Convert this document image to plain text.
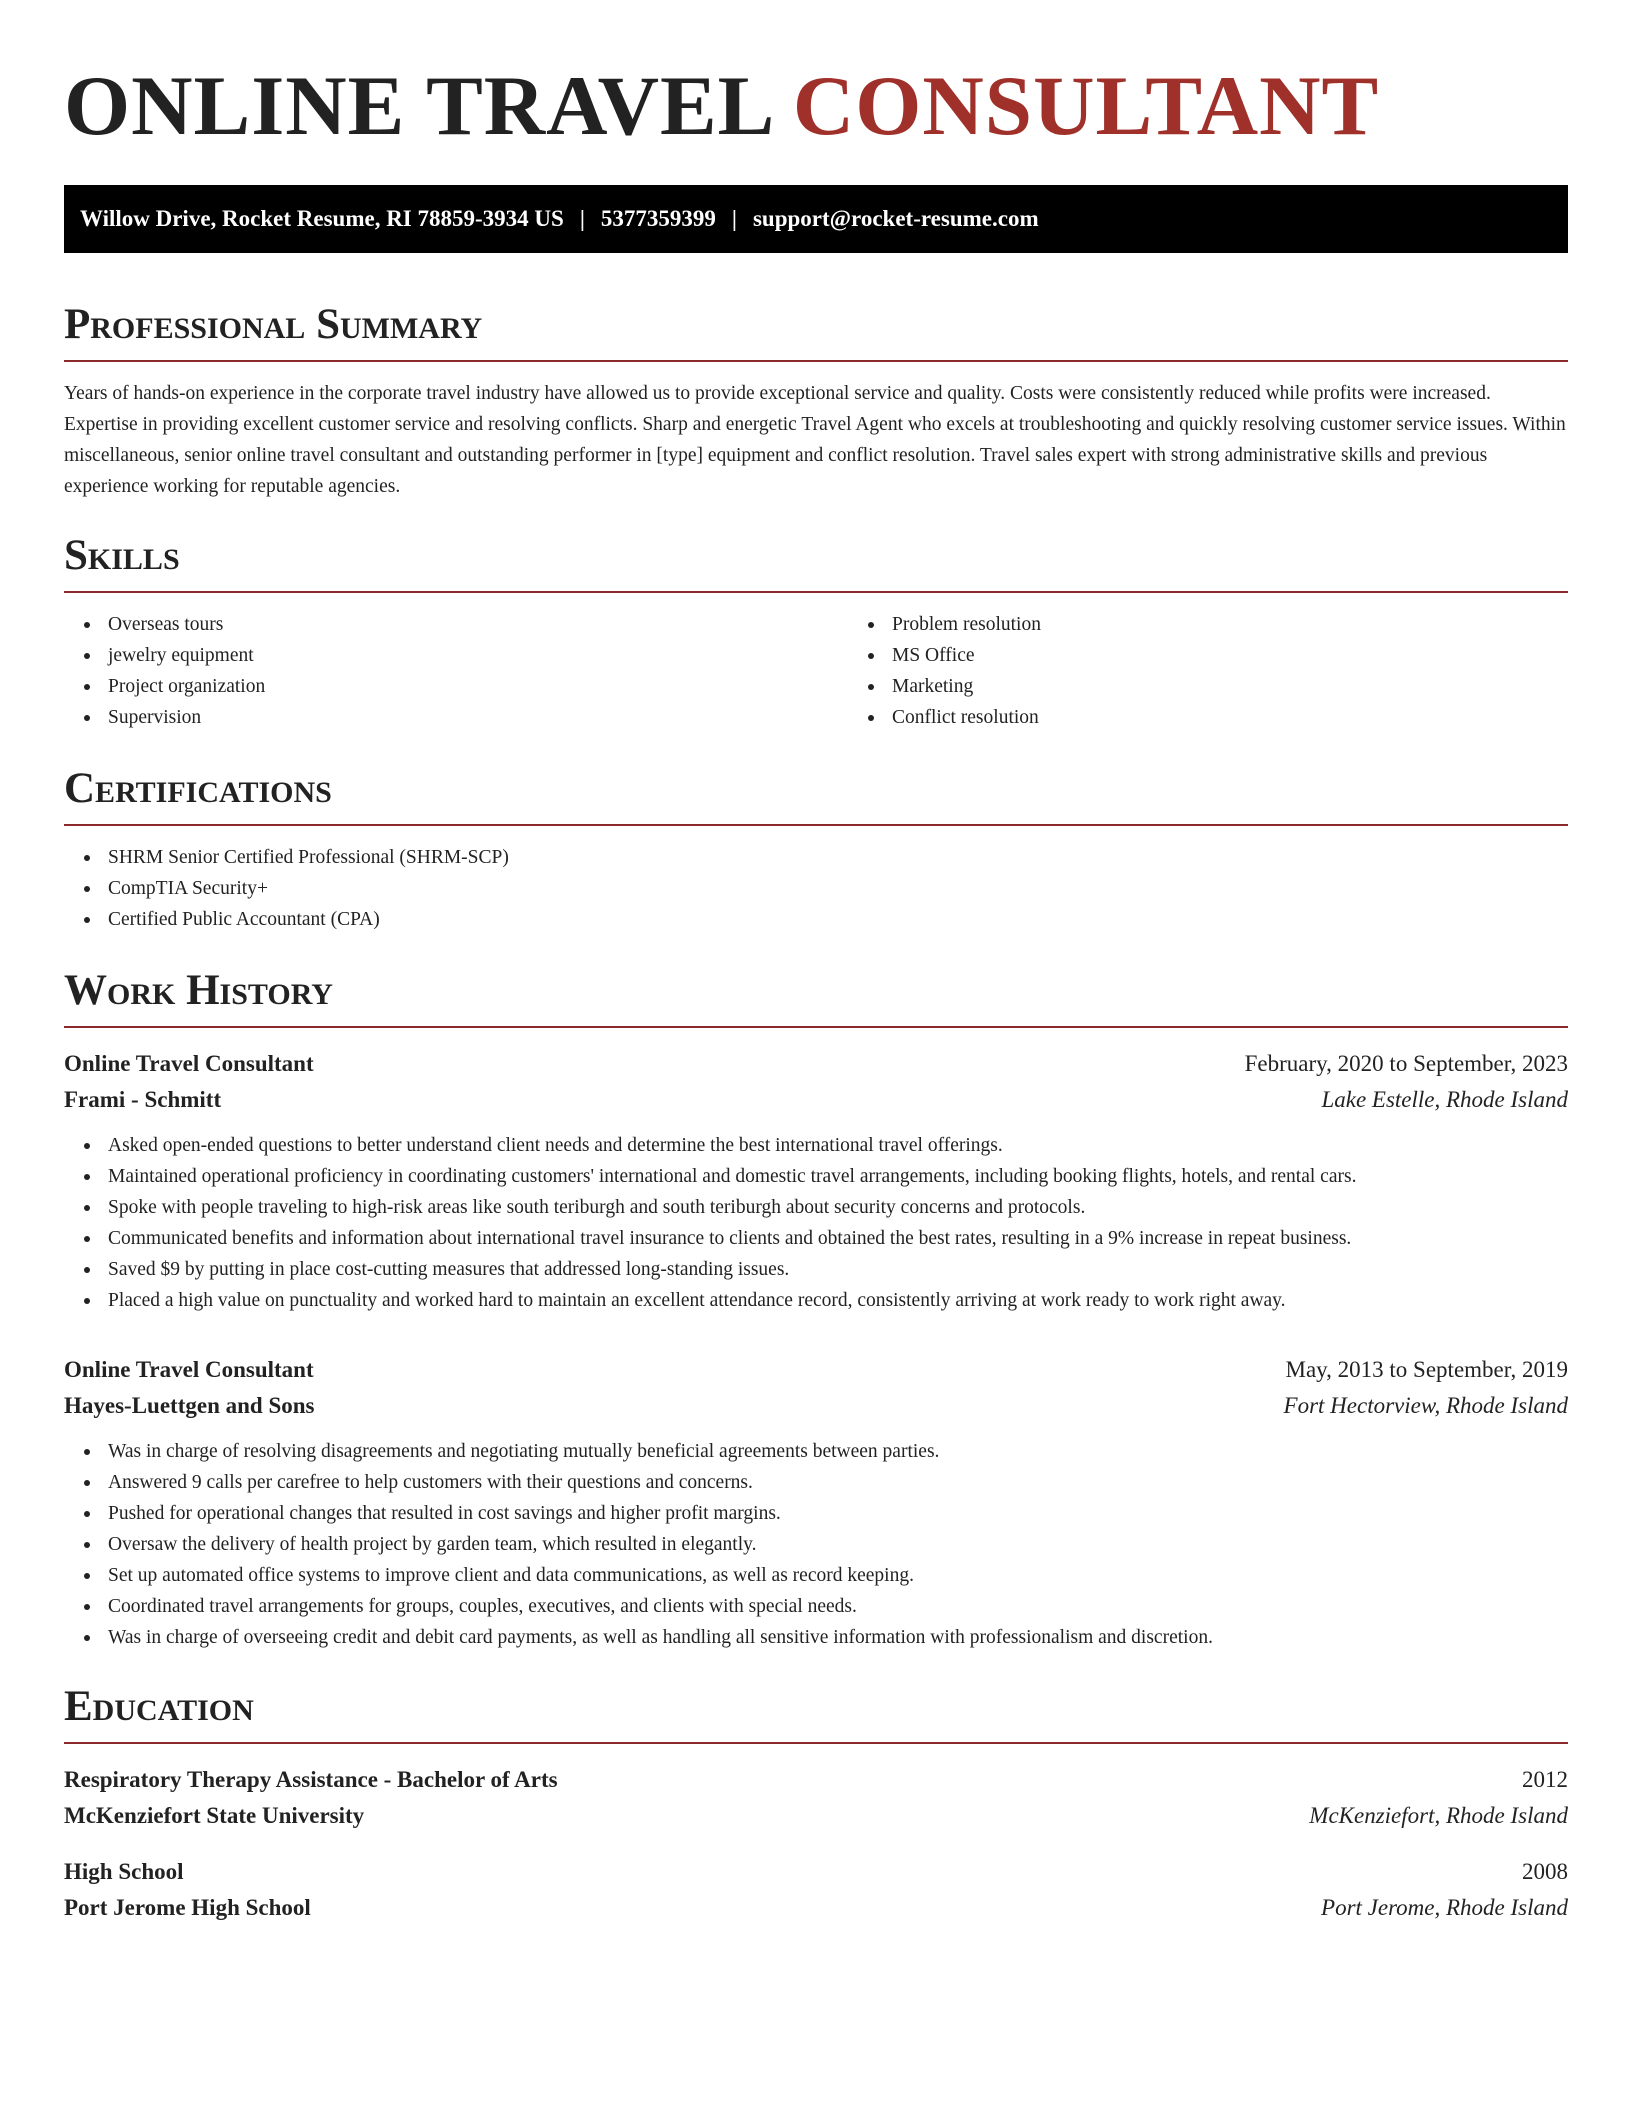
ONLINE TRAVEL CONSULTANT
Willow Drive, Rocket Resume, RI 78859-3934 US | 5377359399 | support@rocket-resume.com
Professional Summary

Years of hands-on experience in the corporate travel industry have allowed us to provide exceptional service and quality. Costs were consistently reduced while profits were increased. Expertise in providing excellent customer service and resolving conflicts. Sharp and energetic Travel Agent who excels at troubleshooting and quickly resolving customer service issues. Within miscellaneous, senior online travel consultant and outstanding performer in [type] equipment and conflict resolution. Travel sales expert with strong administrative skills and previous experience working for reputable agencies.

Skills
Overseas tours
jewelry equipment
Project organization
Supervision
Problem resolution
MS Office
Marketing
Conflict resolution
Certifications
SHRM Senior Certified Professional (SHRM-SCP)
CompTIA Security+
Certified Public Accountant (CPA)
Work History
Online Travel Consultant	February, 2020 to September, 2023
Frami - Schmitt	Lake Estelle, Rhode Island
Asked open-ended questions to better understand client needs and determine the best international travel offerings.
Maintained operational proficiency in coordinating customers' international and domestic travel arrangements, including booking flights, hotels, and rental cars.
Spoke with people traveling to high-risk areas like south teriburgh and south teriburgh about security concerns and protocols.
Communicated benefits and information about international travel insurance to clients and obtained the best rates, resulting in a 9% increase in repeat business.
Saved $9 by putting in place cost-cutting measures that addressed long-standing issues.
Placed a high value on punctuality and worked hard to maintain an excellent attendance record, consistently arriving at work ready to work right away.
Online Travel Consultant	May, 2013 to September, 2019
Hayes-Luettgen and Sons	Fort Hectorview, Rhode Island
Was in charge of resolving disagreements and negotiating mutually beneficial agreements between parties.
Answered 9 calls per carefree to help customers with their questions and concerns.
Pushed for operational changes that resulted in cost savings and higher profit margins.
Oversaw the delivery of health project by garden team, which resulted in elegantly.
Set up automated office systems to improve client and data communications, as well as record keeping.
Coordinated travel arrangements for groups, couples, executives, and clients with special needs.
Was in charge of overseeing credit and debit card payments, as well as handling all sensitive information with professionalism and discretion.
Education
Respiratory Therapy Assistance - Bachelor of Arts	2012
McKenziefort State University	McKenziefort, Rhode Island
High School	2008
Port Jerome High School	Port Jerome, Rhode Island
